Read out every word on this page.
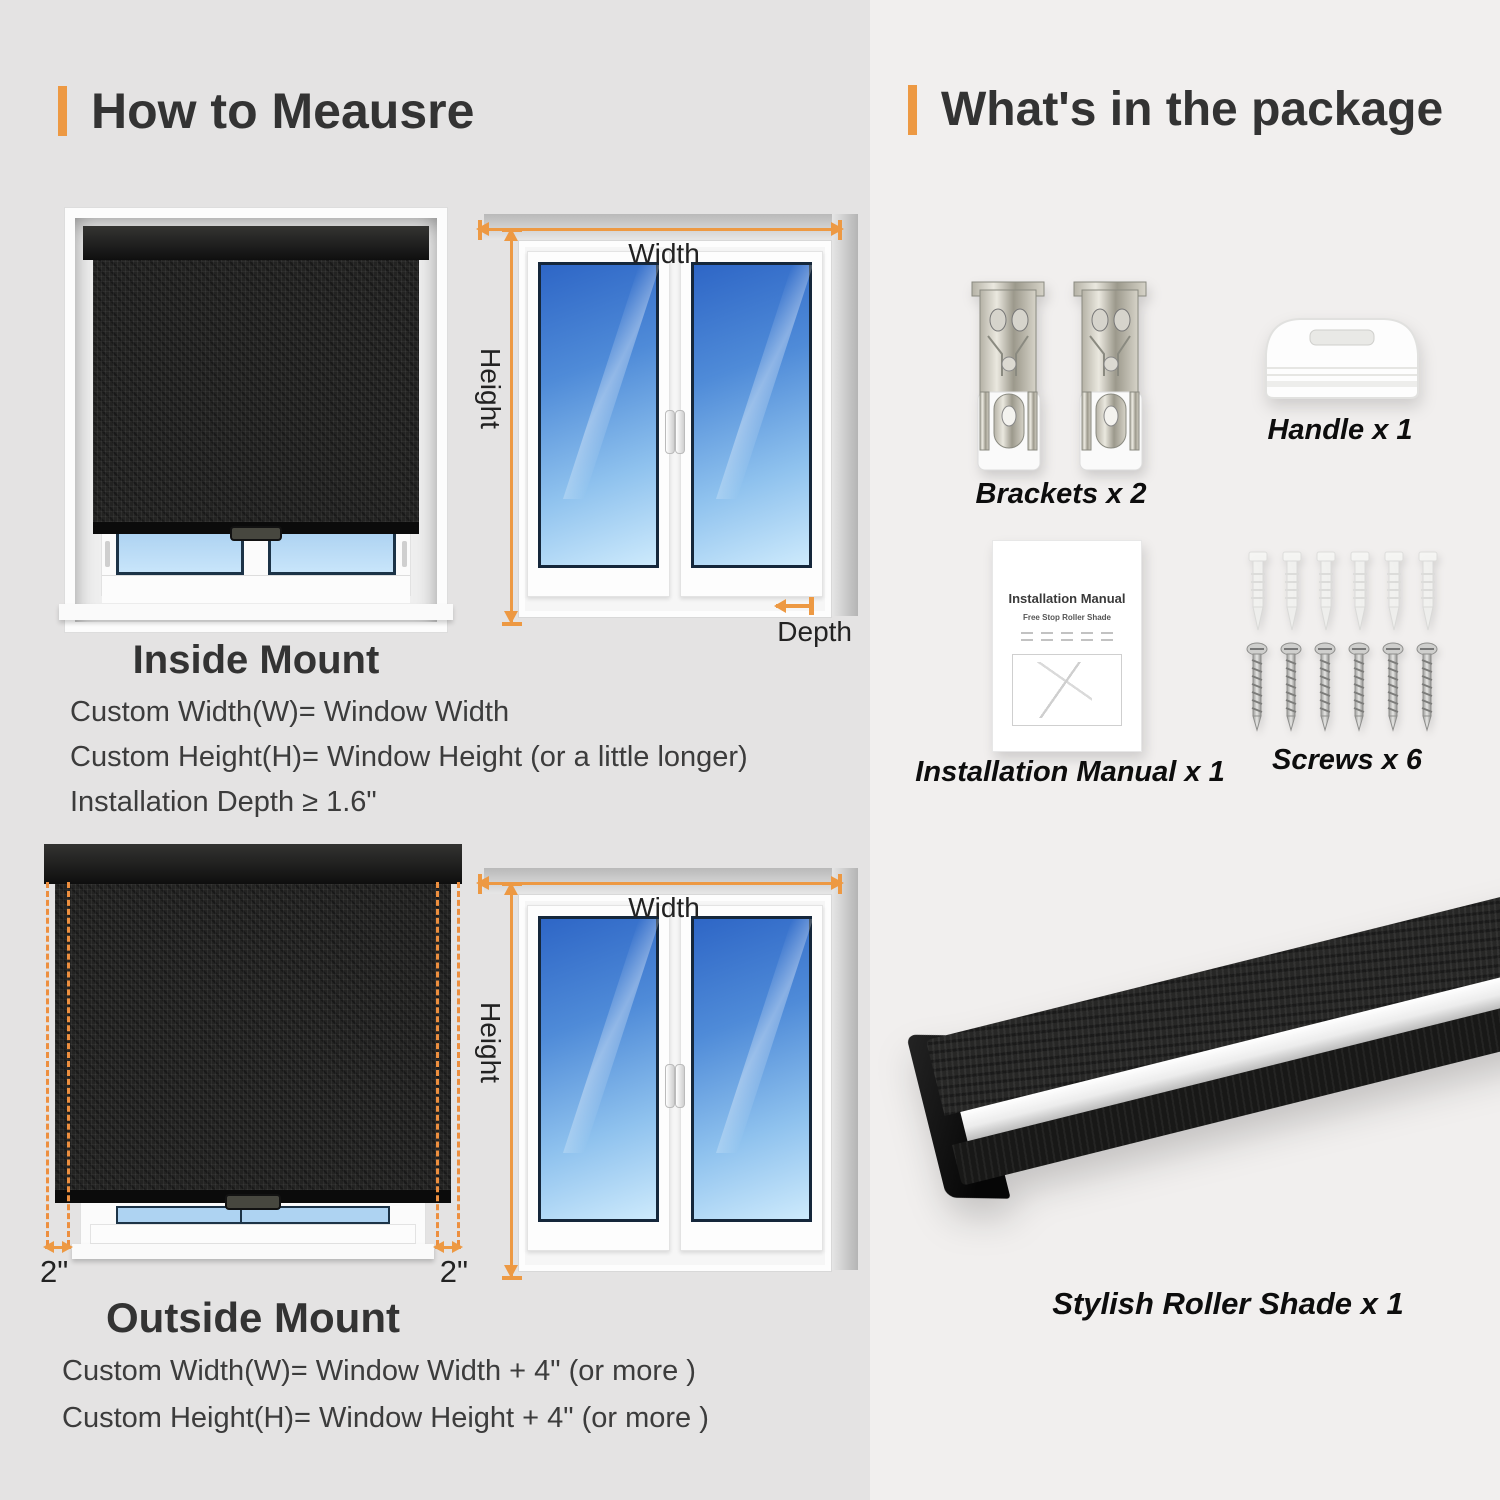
How to Meausre
Width
Height
Depth
Inside Mount
Custom Width(W)= Window Width
Custom Height(H)= Window Height (or a little longer)
Installation Depth ≥ 1.6"
2"	2"
Width
Height
Outside Mount
Custom Width(W)= Window Width + 4" (or more )
Custom Height(H)= Window Height + 4" (or more )
What's in the package
Brackets x 2
Handle x 1
Installation Manual
Free Stop Roller Shade
Installation Manual x 1	Screws x 6
Stylish Roller Shade x 1
